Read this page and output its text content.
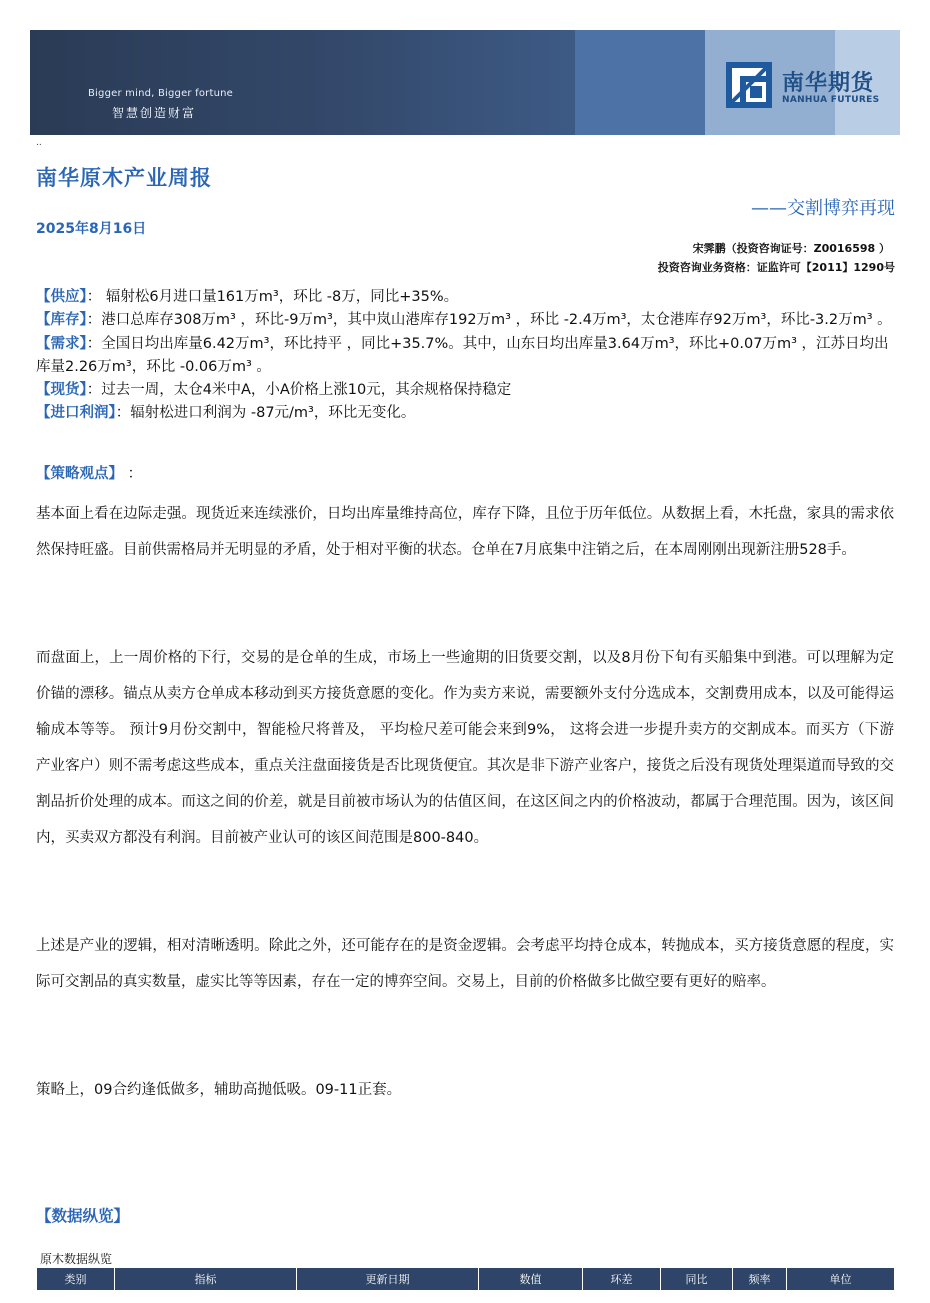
Bigger mind, Bigger fortune
智慧创造财富
南华期货
NANHUA FUTURES
..
南华原木产业周报
——交割博弈再现
2025年8月16日
宋霁鹏（投资咨询证号：Z0016598 ）
投资咨询业务资格：证监许可【2011】1290号
【供应】： 辐射松6月进口量161万m³，环比 -8万，同比+35%。
【库存】：港口总库存308万m³ ，环比-9万m³，其中岚山港库存192万m³ ，环比 -2.4万m³，太仓港库存92万m³，环比-3.2万m³ 。
【需求】：全国日均出库量6.42万m³，环比持平 ，同比+35.7%。其中，山东日均出库量3.64万m³，环比+0.07万m³ ，江苏日均出库量2.26万m³，环比 -0.06万m³ 。
【现货】：过去一周，太仓4米中A，小A价格上涨10元，其余规格保持稳定
【进口利润】：辐射松进口利润为 -87元/m³，环比无变化。
【策略观点】 ：

基本面上看在边际走强。现货近来连续涨价，日均出库量维持高位，库存下降，且位于历年低位。从数据上看，木托盘，家具的需求依然保持旺盛。目前供需格局并无明显的矛盾，处于相对平衡的状态。仓单在7月底集中注销之后，在本周刚刚出现新注册528手。

而盘面上，上一周价格的下行，交易的是仓单的生成，市场上一些逾期的旧货要交割，以及8月份下旬有买船集中到港。可以理解为定价锚的漂移。锚点从卖方仓单成本移动到买方接货意愿的变化。作为卖方来说，需要额外支付分选成本，交割费用成本，以及可能得运输成本等等。 预计9月份交割中，智能检尺将普及， 平均检尺差可能会来到9%， 这将会进一步提升卖方的交割成本。而买方（下游产业客户）则不需考虑这些成本，重点关注盘面接货是否比现货便宜。其次是非下游产业客户，接货之后没有现货处理渠道而导致的交割品折价处理的成本。而这之间的价差，就是目前被市场认为的估值区间，在这区间之内的价格波动，都属于合理范围。因为，该区间内，买卖双方都没有利润。目前被产业认可的该区间范围是800-840。

上述是产业的逻辑，相对清晰透明。除此之外，还可能存在的是资金逻辑。会考虑平均持仓成本，转抛成本，买方接货意愿的程度，实际可交割品的真实数量，虚实比等等因素，存在一定的博弈空间。交易上，目前的价格做多比做空要有更好的赔率。

策略上，09合约逢低做多，辅助高抛低吸。09-11正套。

【数据纵览】
原木数据纵览
类别	指标	更新日期	数值	环差	同比	频率	单位
